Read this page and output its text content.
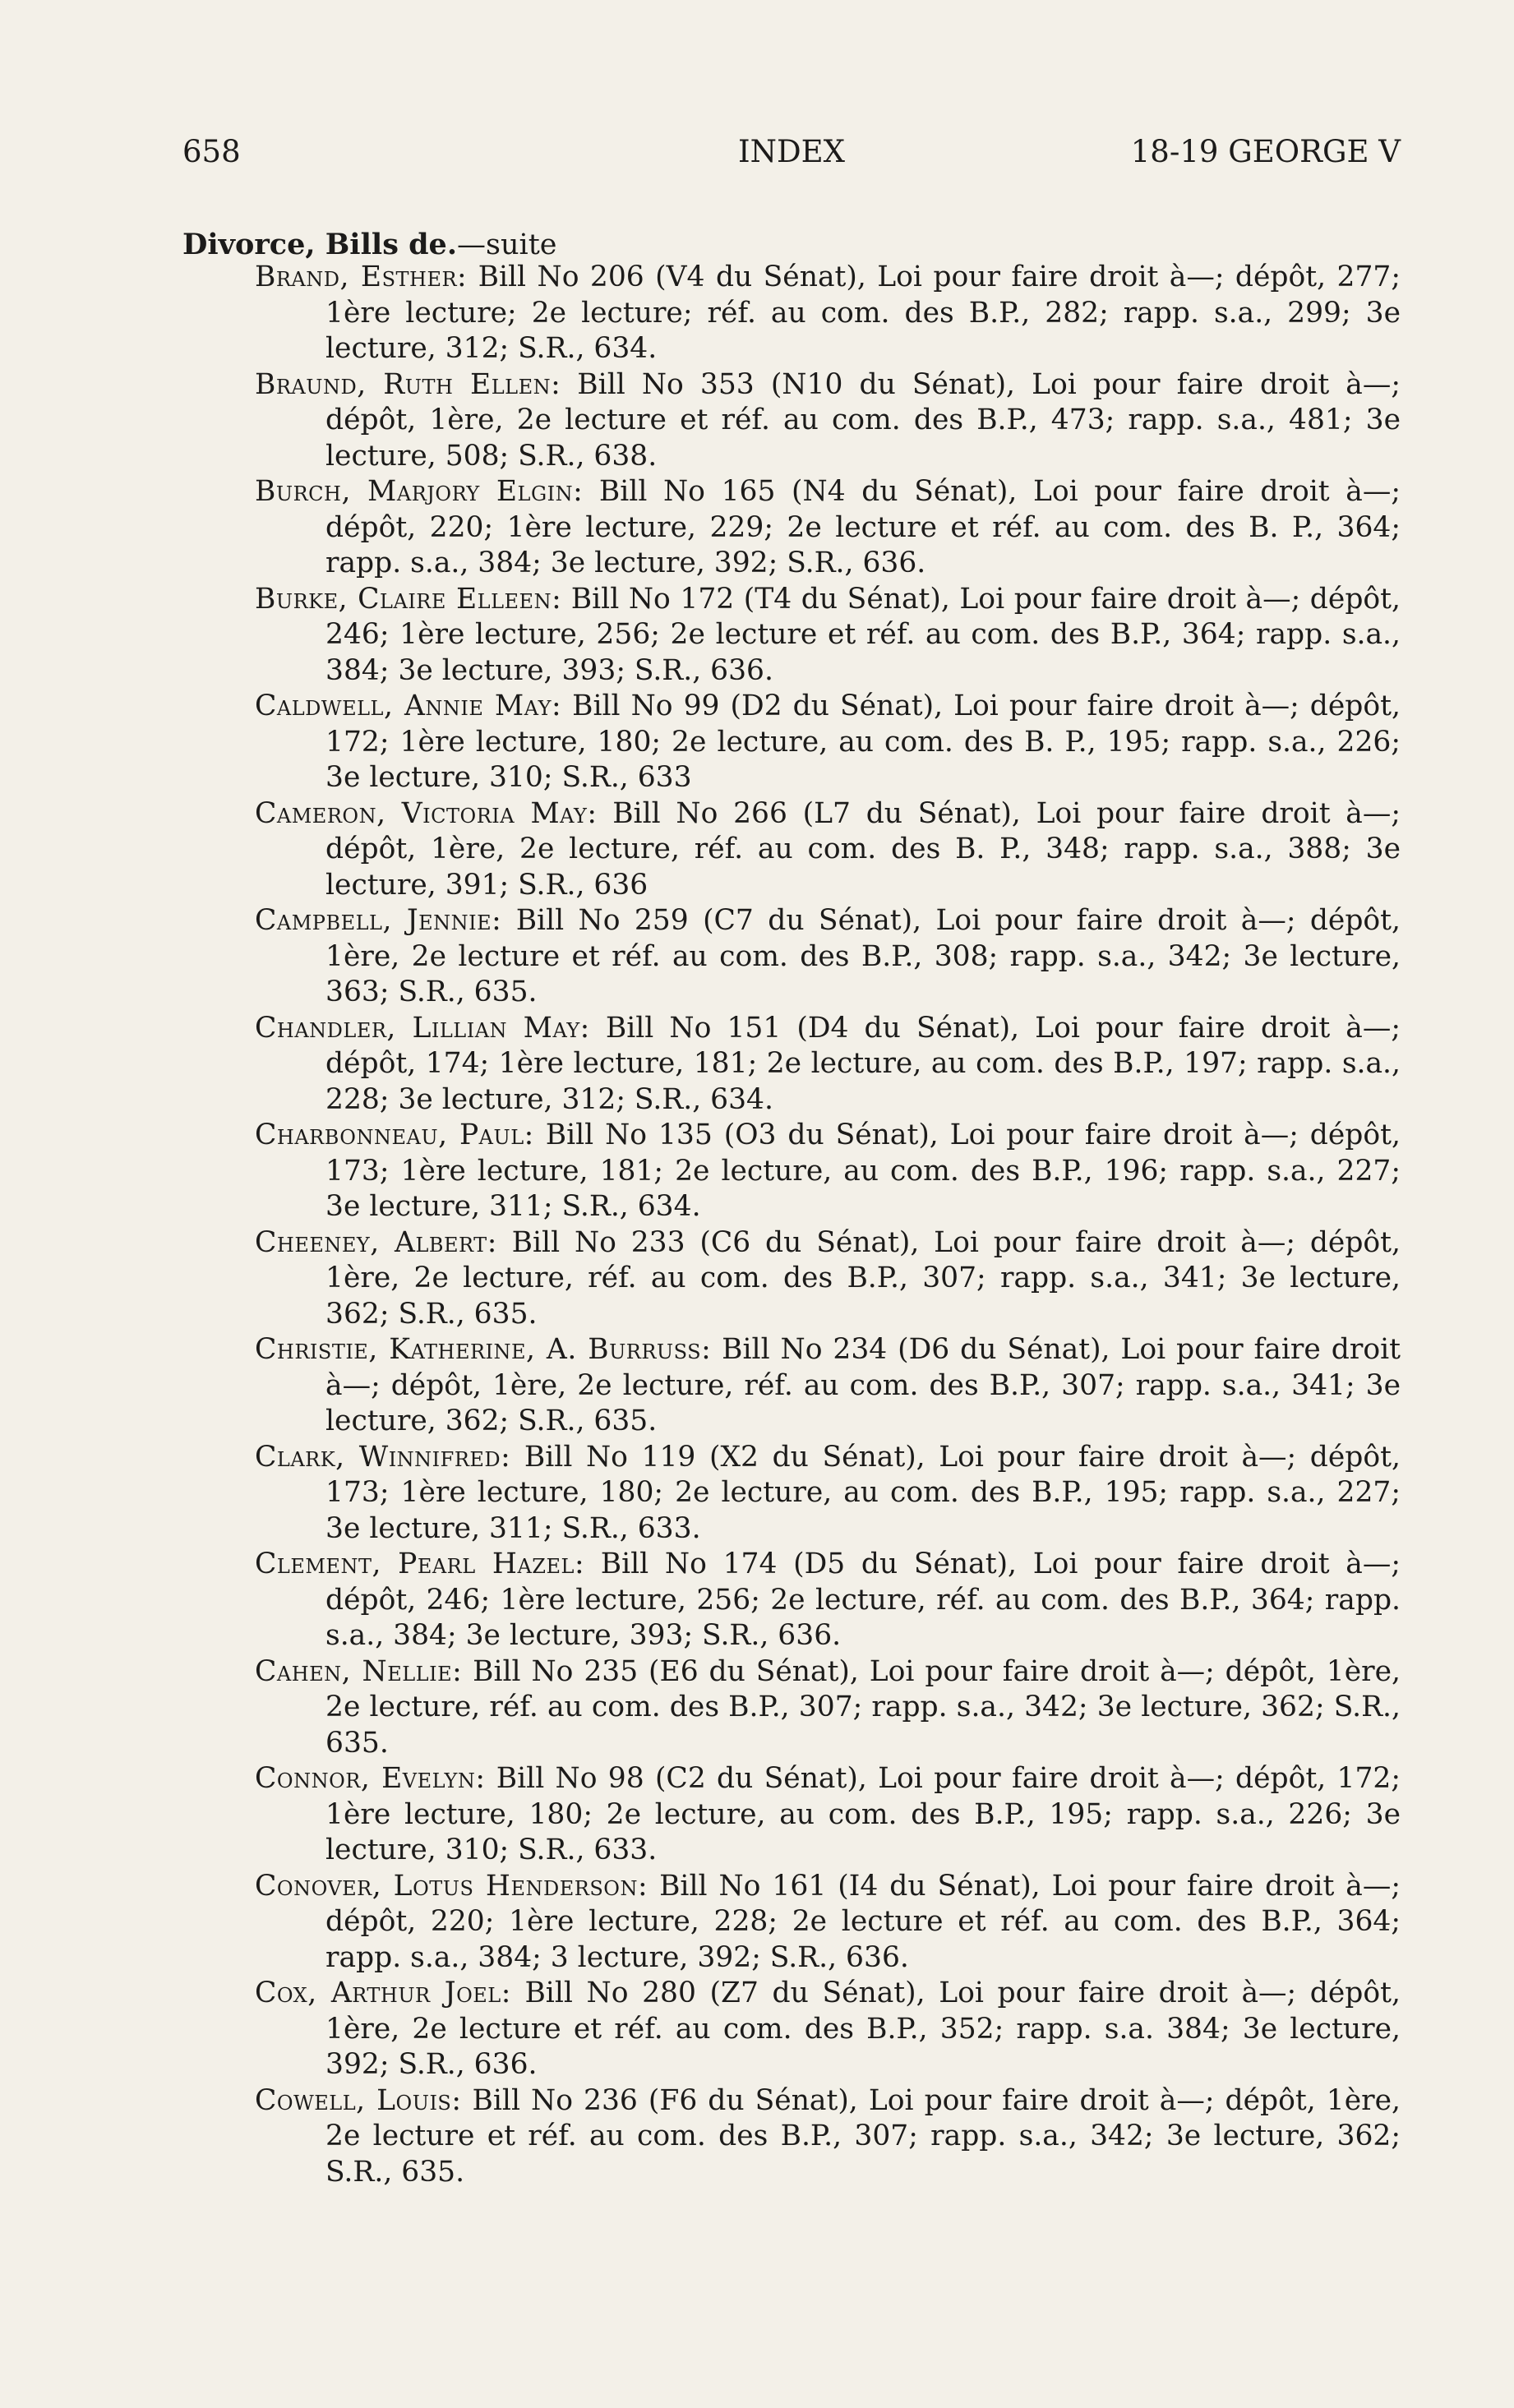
658	INDEX	18-19 GEORGE V
Divorce, Bills de.—suite

Brand, Esther: Bill No 206 (V4 du Sénat), Loi pour faire droit à—; dépôt, 277; 1ère lecture; 2e lecture; réf. au com. des B.P., 282; rapp. s.a., 299; 3e lecture, 312; S.R., 634.

Braund, Ruth Ellen: Bill No 353 (N10 du Sénat), Loi pour faire droit à—; dépôt, 1ère, 2e lecture et réf. au com. des B.P., 473; rapp. s.a., 481; 3e lecture, 508; S.R., 638.

Burch, Marjory Elgin: Bill No 165 (N4 du Sénat), Loi pour faire droit à—; dépôt, 220; 1ère lecture, 229; 2e lecture et réf. au com. des B. P., 364; rapp. s.a., 384; 3e lecture, 392; S.R., 636.

Burke, Claire Elleen: Bill No 172 (T4 du Sénat), Loi pour faire droit à—; dépôt, 246; 1ère lecture, 256; 2e lecture et réf. au com. des B.P., 364; rapp. s.a., 384; 3e lecture, 393; S.R., 636.

Caldwell, Annie May: Bill No 99 (D2 du Sénat), Loi pour faire droit à—; dépôt, 172; 1ère lecture, 180; 2e lecture, au com. des B. P., 195; rapp. s.a., 226; 3e lecture, 310; S.R., 633

Cameron, Victoria May: Bill No 266 (L7 du Sénat), Loi pour faire droit à—; dépôt, 1ère, 2e lecture, réf. au com. des B. P., 348; rapp. s.a., 388; 3e lecture, 391; S.R., 636

Campbell, Jennie: Bill No 259 (C7 du Sénat), Loi pour faire droit à—; dépôt, 1ère, 2e lecture et réf. au com. des B.P., 308; rapp. s.a., 342; 3e lecture, 363; S.R., 635.

Chandler, Lillian May: Bill No 151 (D4 du Sénat), Loi pour faire droit à—; dépôt, 174; 1ère lecture, 181; 2e lecture, au com. des B.P., 197; rapp. s.a., 228; 3e lecture, 312; S.R., 634.

Charbonneau, Paul: Bill No 135 (O3 du Sénat), Loi pour faire droit à—; dépôt, 173; 1ère lecture, 181; 2e lecture, au com. des B.P., 196; rapp. s.a., 227; 3e lecture, 311; S.R., 634.

Cheeney, Albert: Bill No 233 (C6 du Sénat), Loi pour faire droit à—; dépôt, 1ère, 2e lecture, réf. au com. des B.P., 307; rapp. s.a., 341; 3e lecture, 362; S.R., 635.

Christie, Katherine, A. Burruss: Bill No 234 (D6 du Sénat), Loi pour faire droit à—; dépôt, 1ère, 2e lecture, réf. au com. des B.P., 307; rapp. s.a., 341; 3e lecture, 362; S.R., 635.

Clark, Winnifred: Bill No 119 (X2 du Sénat), Loi pour faire droit à—; dépôt, 173; 1ère lecture, 180; 2e lecture, au com. des B.P., 195; rapp. s.a., 227; 3e lecture, 311; S.R., 633.

Clement, Pearl Hazel: Bill No 174 (D5 du Sénat), Loi pour faire droit à—; dépôt, 246; 1ère lecture, 256; 2e lecture, réf. au com. des B.P., 364; rapp. s.a., 384; 3e lecture, 393; S.R., 636.

Cahen, Nellie: Bill No 235 (E6 du Sénat), Loi pour faire droit à—; dépôt, 1ère, 2e lecture, réf. au com. des B.P., 307; rapp. s.a., 342; 3e lecture, 362; S.R., 635.

Connor, Evelyn: Bill No 98 (C2 du Sénat), Loi pour faire droit à—; dépôt, 172; 1ère lecture, 180; 2e lecture, au com. des B.P., 195; rapp. s.a., 226; 3e lecture, 310; S.R., 633.

Conover, Lotus Henderson: Bill No 161 (I4 du Sénat), Loi pour faire droit à—; dépôt, 220; 1ère lecture, 228; 2e lecture et réf. au com. des B.P., 364; rapp. s.a., 384; 3 lecture, 392; S.R., 636.

Cox, Arthur Joel: Bill No 280 (Z7 du Sénat), Loi pour faire droit à—; dépôt, 1ère, 2e lecture et réf. au com. des B.P., 352; rapp. s.a. 384; 3e lecture, 392; S.R., 636.

Cowell, Louis: Bill No 236 (F6 du Sénat), Loi pour faire droit à—; dépôt, 1ère, 2e lecture et réf. au com. des B.P., 307; rapp. s.a., 342; 3e lecture, 362; S.R., 635.
